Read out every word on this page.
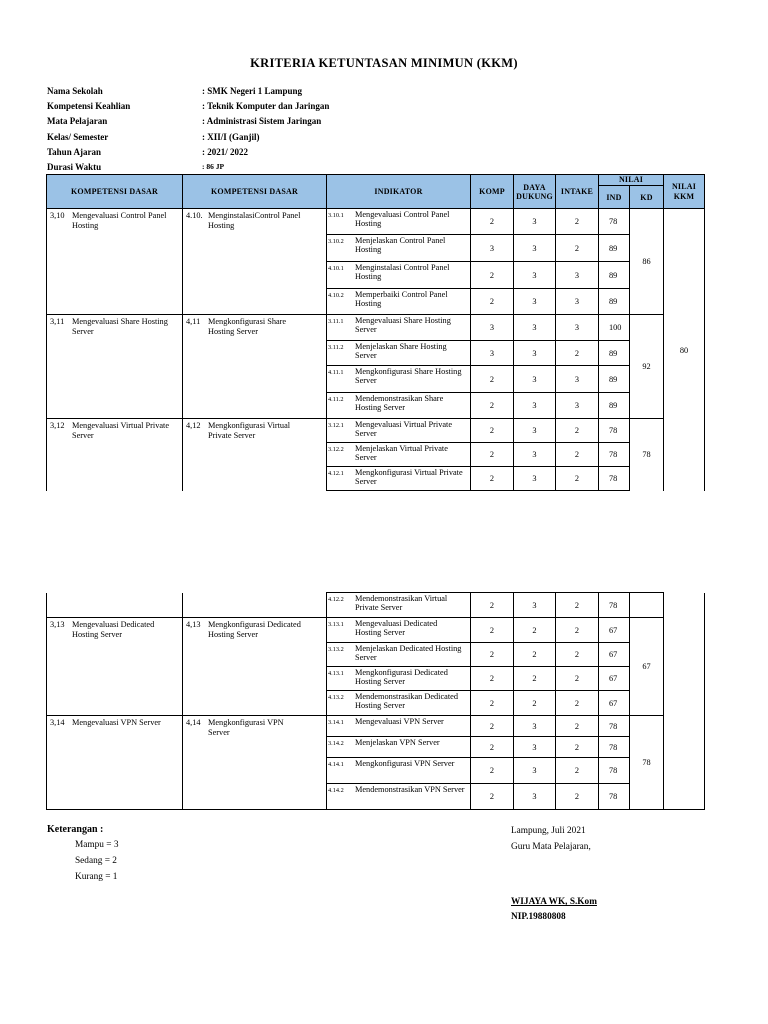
KRITERIA KETUNTASAN MINIMUN (KKM)
Nama Sekolah	: SMK Negeri 1 Lampung
Kompetensi Keahlian	: Teknik Komputer dan Jaringan
Mata Pelajaran	: Administrasi Sistem Jaringan
Kelas/ Semester	: XII/I (Ganjil)
Tahun Ajaran	: 2021/ 2022
Durasi Waktu	: 86 JP
KOMPETENSI DASAR	KOMPETENSI DASAR	INDIKATOR	KOMP	DAYA DUKUNG	INTAKE	NILAI		NILAI KKM
						IND	KD	
3,10 Mengevaluasi Control Panel Hosting	4.10. MenginstalasiControl Panel Hosting	3.10.1 Mengevaluasi Control Panel Hosting	2	3	2	78	86	80
		3.10.2 Menjelaskan Control Panel Hosting	3	3	2	89		
		4.10.1 Menginstalasi Control Panel Hosting	2	3	3	89		
		4.10.2 Memperbaiki Control Panel Hosting	2	3	3	89		
3,11 Mengevaluasi Share Hosting Server	4,11 Mengkonfigurasi Share Hosting Server	3.11.1 Mengevaluasi Share Hosting Server	3	3	3	100	92	
		3.11.2 Menjelaskan Share Hosting Server	3	3	2	89		
		4.11.1 Mengkonfigurasi Share Hosting Server	2	3	3	89		
		4.11.2 Mendemonstrasikan Share Hosting Server	2	3	3	89		
3,12 Mengevaluasi Virtual Private Server	4,12 Mengkonfigurasi Virtual Private Server	3.12.1 Mengevaluasi Virtual Private Server	2	3	2	78	78	
		3.12.2 Menjelaskan Virtual Private Server	2	3	2	78		
		4.12.1 Mengkonfigurasi Virtual Private Server	2	3	2	78		
		4.12.2 Mendemonstrasikan Virtual Private Server	2	3	2	78		
3,13 Mengevaluasi Dedicated Hosting Server	4,13 Mengkonfigurasi Dedicated Hosting Server	3.13.1 Mengevaluasi Dedicated Hosting Server	2	2	2	67	67	
		3.13.2 Menjelaskan Dedicated Hosting Server	2	2	2	67		
		4.13.1 Mengkonfigurasi Dedicated Hosting Server	2	2	2	67		
		4.13.2 Mendemonstrasikan Dedicated Hosting Server	2	2	2	67		
3,14 Mengevaluasi VPN Server	4,14 Mengkonfigurasi VPN Server	3.14.1 Mengevaluasi VPN Server	2	3	2	78	78	
		3.14.2 Menjelaskan VPN Server	2	3	2	78		
		4.14.1 Mengkonfigurasi VPN Server	2	3	2	78		
		4.14.2 Mendemonstrasikan VPN Server	2	3	2	78		
Keterangan :
Mampu = 3
Sedang = 2
Kurang = 1
Lampung, Juli 2021
Guru Mata Pelajaran,
WIJAYA WK, S.Kom
NIP.19880808
